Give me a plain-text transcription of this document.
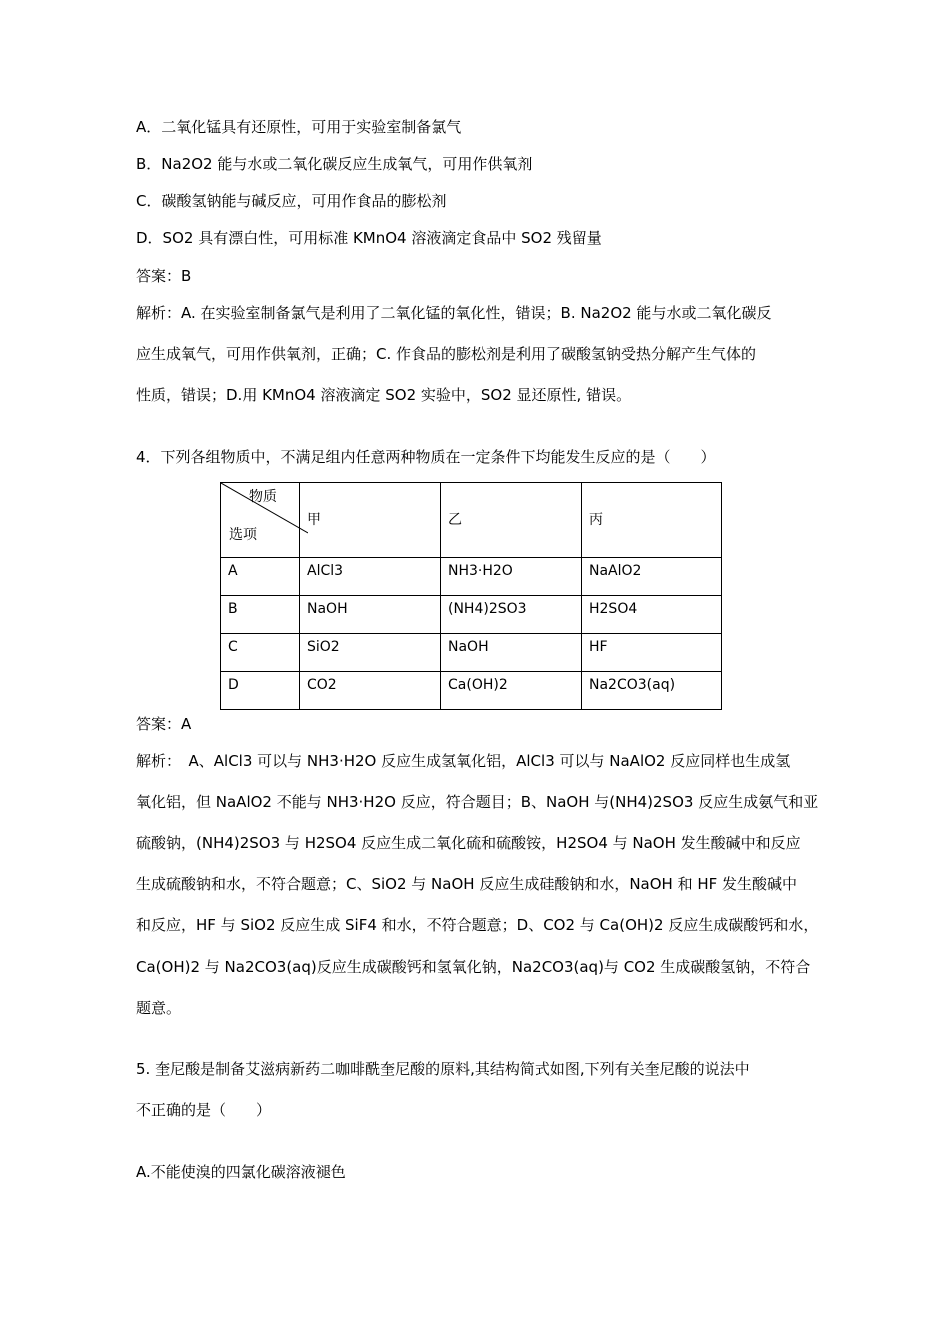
A．二氧化锰具有还原性，可用于实验室制备氯气
B．Na2O2 能与水或二氧化碳反应生成氧气，可用作供氧剂
C．碳酸氢钠能与碱反应，可用作食品的膨松剂
D．SO2 具有漂白性，可用标准 KMnO4 溶液滴定食品中 SO2 残留量
答案：B
解析：A. 在实验室制备氯气是利用了二氧化锰的氧化性，错误；B. Na2O2 能与水或二氧化碳反
应生成氧气，可用作供氧剂，正确；C. 作食品的膨松剂是利用了碳酸氢钠受热分解产生气体的
性质，错误；D.用 KMnO4 溶液滴定 SO2 实验中，SO2 显还原性, 错误。
4．下列各组物质中，不满足组内任意两种物质在一定条件下均能发生反应的是（　　）
物质
选项	甲	乙	丙

A	AlCl3	NH3·H2O	NaAlO2

B	NaOH	(NH4)2SO3	H2SO4

C	SiO2	NaOH	HF

D	CO2	Ca(OH)2	Na2CO3(aq)
答案：A
解析：　A、AlCl3 可以与 NH3·H2O 反应生成氢氧化铝，AlCl3 可以与 NaAlO2 反应同样也生成氢
氧化铝，但 NaAlO2 不能与 NH3·H2O 反应，符合题目；B、NaOH 与(NH4)2SO3 反应生成氨气和亚
硫酸钠，(NH4)2SO3 与 H2SO4 反应生成二氧化硫和硫酸铵，H2SO4 与 NaOH 发生酸碱中和反应
生成硫酸钠和水，不符合题意；C、SiO2 与 NaOH 反应生成硅酸钠和水，NaOH 和 HF 发生酸碱中
和反应，HF 与 SiO2 反应生成 SiF4 和水，不符合题意；D、CO2 与 Ca(OH)2 反应生成碳酸钙和水，
Ca(OH)2 与 Na2CO3(aq)反应生成碳酸钙和氢氧化钠，Na2CO3(aq)与 CO2 生成碳酸氢钠，不符合
题意。
5. 奎尼酸是制备艾滋病新药二咖啡酰奎尼酸的原料,其结构简式如图,下列有关奎尼酸的说法中
不正确的是（　　）
A.不能使溴的四氯化碳溶液褪色
